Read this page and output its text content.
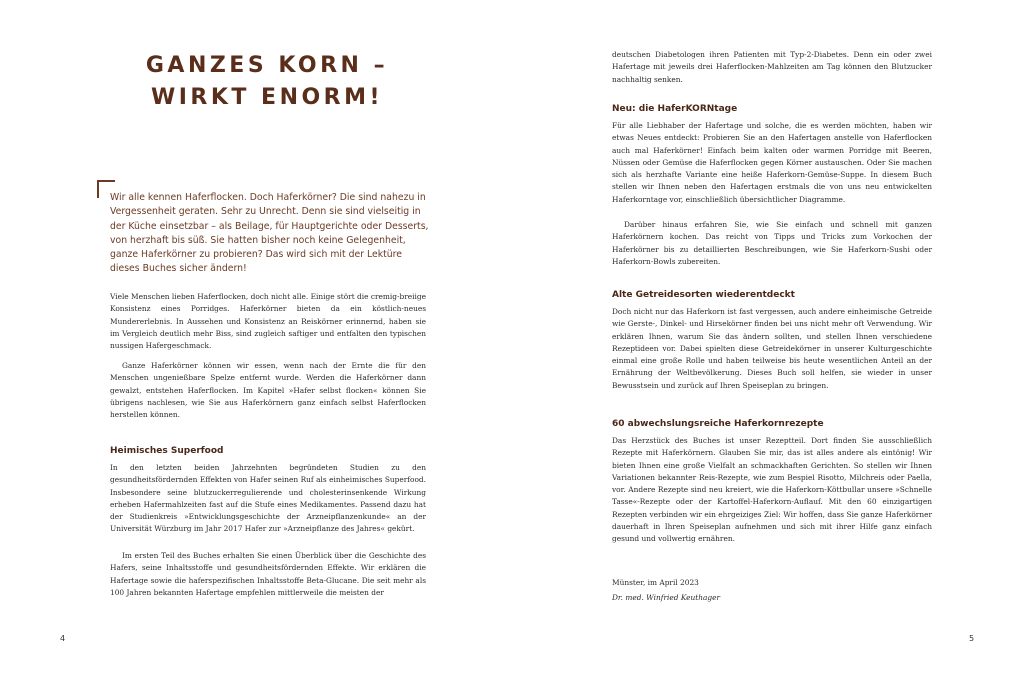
GANZES KORN – WIRKT ENORM!

Wir alle kennen Haferflocken. Doch Haferkörner? Die sind nahezu in Vergessenheit geraten. Sehr zu Unrecht. Denn sie sind vielseitig in der Küche einsetzbar – als Beilage, für Hauptgerichte oder Desserts, von herzhaft bis süß. Sie hatten bisher noch keine Gelegenheit, ganze Haferkörner zu probieren? Das wird sich mit der Lektüre dieses Buches sicher ändern!

Viele Menschen lieben Haferflocken, doch nicht alle. Einige stört die cremig-breiige Konsistenz eines Porridges. Haferkörner bieten da ein köstlich-neues Mundererlebnis. In Aussehen und Konsistenz an Reiskörner erinnernd, haben sie im Vergleich deutlich mehr Biss, sind zugleich saftiger und entfalten den typischen nussigen Hafergeschmack.

Ganze Haferkörner können wir essen, wenn nach der Ernte die für den Menschen ungenießbare Spelze entfernt wurde. Werden die Haferkörner dann gewalzt, entstehen Haferflocken. Im Kapitel »Hafer selbst flocken« können Sie übrigens nachlesen, wie Sie aus Haferkörnern ganz einfach selbst Haferflocken herstellen können.

Heimisches Superfood

In den letzten beiden Jahrzehnten begründeten Studien zu den gesundheitsfördernden Effekten von Hafer seinen Ruf als einheimisches Superfood. Insbesondere seine blutzuckerregulierende und cholesterinsenkende Wirkung erheben Hafermahlzeiten fast auf die Stufe eines Medikamentes. Passend dazu hat der Studienkreis »Entwicklungsgeschichte der Arzneipflanzenkunde« an der Universität Würzburg im Jahr 2017 Hafer zur »Arzneipflanze des Jahres« gekürt.

Im ersten Teil des Buches erhalten Sie einen Überblick über die Geschichte des Hafers, seine Inhaltsstoffe und gesundheitsfördernden Effekte. Wir erklären die Hafertage sowie die haferspezifischen Inhaltsstoffe Beta-Glucane. Die seit mehr als 100 Jahren bekannten Hafertage empfehlen mittlerweile die meisten der

4

deutschen Diabetologen ihren Patienten mit Typ-2-Diabetes. Denn ein oder zwei Hafertage mit jeweils drei Haferflocken-Mahlzeiten am Tag können den Blutzucker nachhaltig senken.

Neu: die HaferKORNtage

Für alle Liebhaber der Hafertage und solche, die es werden möchten, haben wir etwas Neues entdeckt: Probieren Sie an den Hafertagen anstelle von Haferflocken auch mal Haferkörner! Einfach beim kalten oder warmen Porridge mit Beeren, Nüssen oder Gemüse die Haferflocken gegen Körner austauschen. Oder Sie machen sich als herzhafte Variante eine heiße Haferkorn-Gemüse-Suppe. In diesem Buch stellen wir Ihnen neben den Hafertagen erstmals die von uns neu entwickelten Haferkorntage vor, einschließlich übersichtlicher Diagramme.

Darüber hinaus erfahren Sie, wie Sie einfach und schnell mit ganzen Haferkörnern kochen. Das reicht von Tipps und Tricks zum Vorkochen der Haferkörner bis zu detaillierten Beschreibungen, wie Sie Haferkorn-Sushi oder Haferkorn-Bowls zubereiten.

Alte Getreidesorten wiederentdeckt

Doch nicht nur das Haferkorn ist fast vergessen, auch andere einheimische Getreide wie Gerste-, Dinkel- und Hirsekörner finden bei uns nicht mehr oft Verwendung. Wir erklären Ihnen, warum Sie das ändern sollten, und stellen Ihnen verschiedene Rezeptideen vor. Dabei spielten diese Getreidekörner in unserer Kulturgeschichte einmal eine große Rolle und haben teilweise bis heute wesentlichen Anteil an der Ernährung der Weltbevölkerung. Dieses Buch soll helfen, sie wieder in unser Bewusstsein und zurück auf Ihren Speiseplan zu bringen.

60 abwechslungsreiche Haferkornrezepte

Das Herzstück des Buches ist unser Rezeptteil. Dort finden Sie ausschließlich Rezepte mit Haferkörnern. Glauben Sie mir, das ist alles andere als eintönig! Wir bieten Ihnen eine große Vielfalt an schmackhaften Gerichten. So stellen wir Ihnen Variationen bekannter Reis-Rezepte, wie zum Bespiel Risotto, Milchreis oder Paella, vor. Andere Rezepte sind neu kreiert, wie die Haferkorn-Köttbullar unsere »Schnelle Tasse«-Rezepte oder der Kartoffel-Haferkorn-Auflauf. Mit den 60 einzigartigen Rezepten verbinden wir ein ehrgeiziges Ziel: Wir hoffen, dass Sie ganze Haferkörner dauerhaft in Ihren Speiseplan aufnehmen und sich mit ihrer Hilfe ganz einfach gesund und vollwertig ernähren.

Münster, im April 2023

Dr. med. Winfried Keuthager

5
